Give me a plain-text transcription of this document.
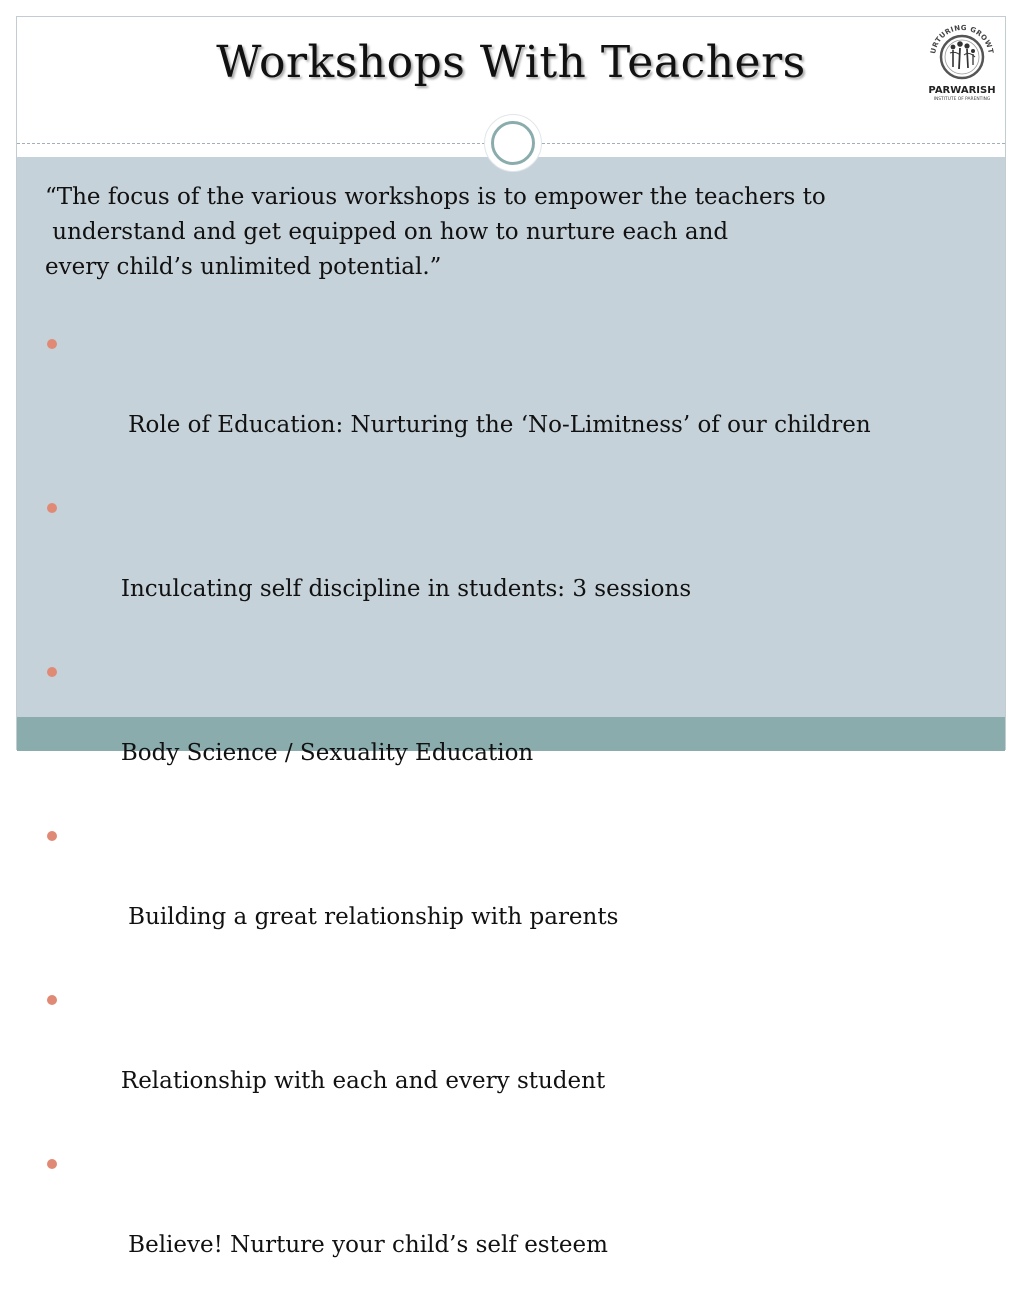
Workshops With Teachers	URTURING GROWT
PARWARISH
INSTITUTE OF PARENTING
“The focus of the various workshops is to empower the teachers to
understand and get equipped on how to nurture each and
every child’s unlimited potential.”

Role of Education: Nurturing the ‘No-Limitness’ of our children

Inculcating self discipline in students: 3 sessions

Body Science / Sexuality Education

Building a great relationship with parents

Relationship with each and every student

Believe! Nurture your child’s self esteem
